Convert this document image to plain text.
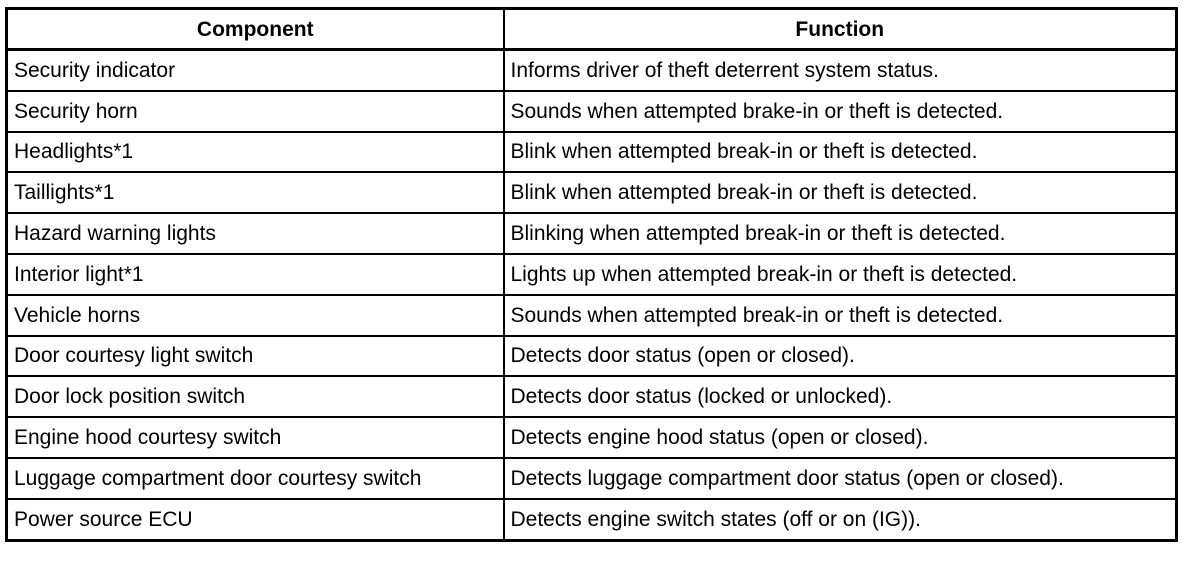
Component	Function
Security indicator	Informs driver of theft deterrent system status.
Security horn	Sounds when attempted brake-in or theft is detected.
Headlights*1	Blink when attempted break-in or theft is detected.
Taillights*1	Blink when attempted break-in or theft is detected.
Hazard warning lights	Blinking when attempted break-in or theft is detected.
Interior light*1	Lights up when attempted break-in or theft is detected.
Vehicle horns	Sounds when attempted break-in or theft is detected.
Door courtesy light switch	Detects door status (open or closed).
Door lock position switch	Detects door status (locked or unlocked).
Engine hood courtesy switch	Detects engine hood status (open or closed).
Luggage compartment door courtesy switch	Detects luggage compartment door status (open or closed).
Power source ECU	Detects engine switch states (off or on (IG)).
